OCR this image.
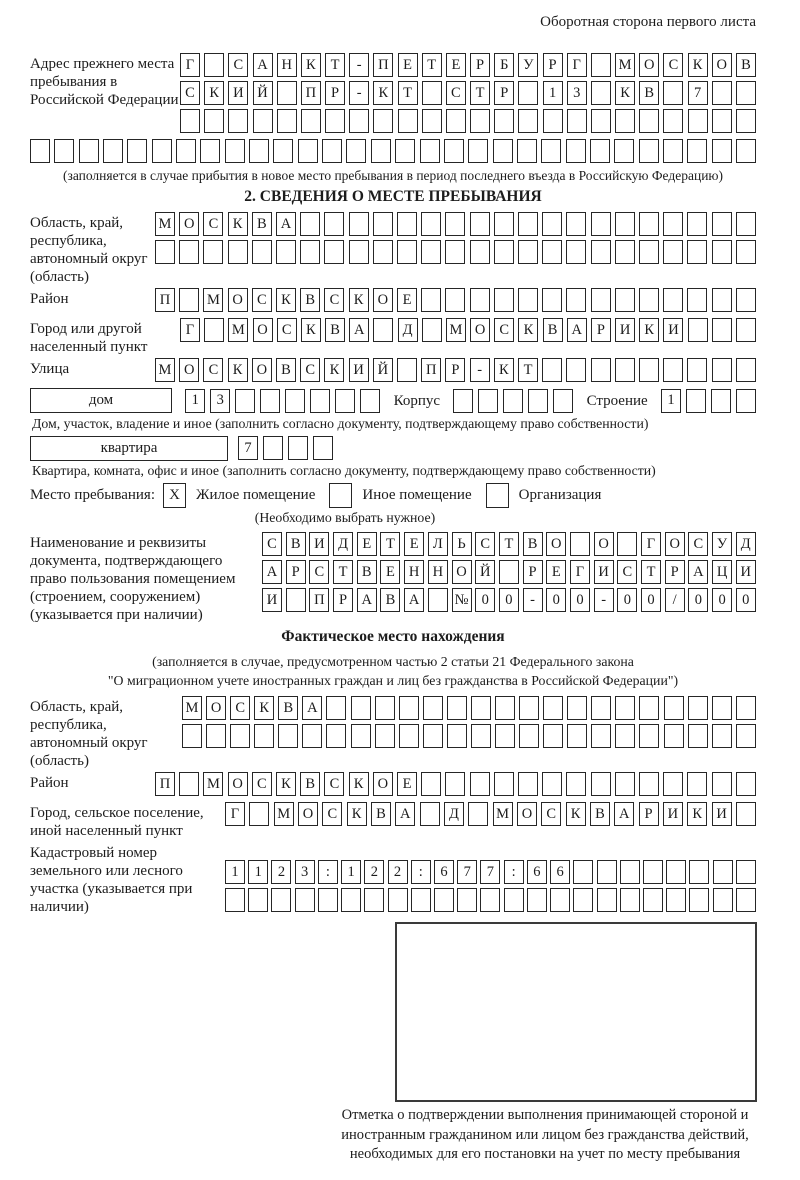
Оборотная сторона первого листа
Адрес прежнего места пребывания в Российской Федерации
Г	С А Н К	Т	-	П	Е	Т	Е	Р	Б	У	Р	Г	М О С	К О В
С	К И Й	П	Р	-	К	Т	С	Т	Р	1	3	К	В	7
(заполняется в случае прибытия в новое место пребывания в период последнего въезда в Российскую Федерацию)
2. СВЕДЕНИЯ О МЕСТЕ ПРЕБЫВАНИЯ
Область, край, республика, автономный округ (область)
М О С	К	В А
Район	П	М О С	К	В	С	К О	Е
Город или другой населенный пункт
Г	М О С	К	В А	Д	М О С	К	В А	Р	И К И
Улица	М О С	К О В	С	К И Й	П	Р	-	К	Т
дом	1	3	Корпус	Строение	1
Дом, участок, владение и иное (заполнить согласно документу, подтверждающему право собственности)
квартира	7
Квартира, комната, офис и иное (заполнить согласно документу, подтверждающему право собственности)
Место пребывания: X	Жилое помещение	Иное помещение	Организация
(Необходимо выбрать нужное)
Наименование и реквизиты документа, подтверждающего право пользования помещением (строением, сооружением) (указывается при наличии)
С В И Д Е	Т	Е Л	Ь	С Т В О	О	Г О С У Д
А Р	С Т В Е Н Н О Й	Р	Е	Г И С Т	Р А Ц И
И	П Р А В А	№ 0	0	-	0	0	-	0	0	/	0	0	0
Фактическое место нахождения
(заполняется в случае, предусмотренном частью 2 статьи 21 Федерального закона
"О миграционном учете иностранных граждан и лиц без гражданства в Российской Федерации")
Область, край, республика, автономный округ (область)
М О С К В А
Район	П	М О С	К	В	С	К О	Е
Город, сельское поселение, иной населенный пункт
Г	М О С	К	В А	Д	М О С	К	В А	Р	И К И
Кадастровый номер земельного или лесного участка (указывается при наличии)
1	1	2	3	:	1	2	2	:	6	7	7	:	6	6
Отметка о подтверждении выполнения принимающей стороной и иностранным гражданином или лицом без гражданства действий, необходимых для его постановки на учет по месту пребывания
